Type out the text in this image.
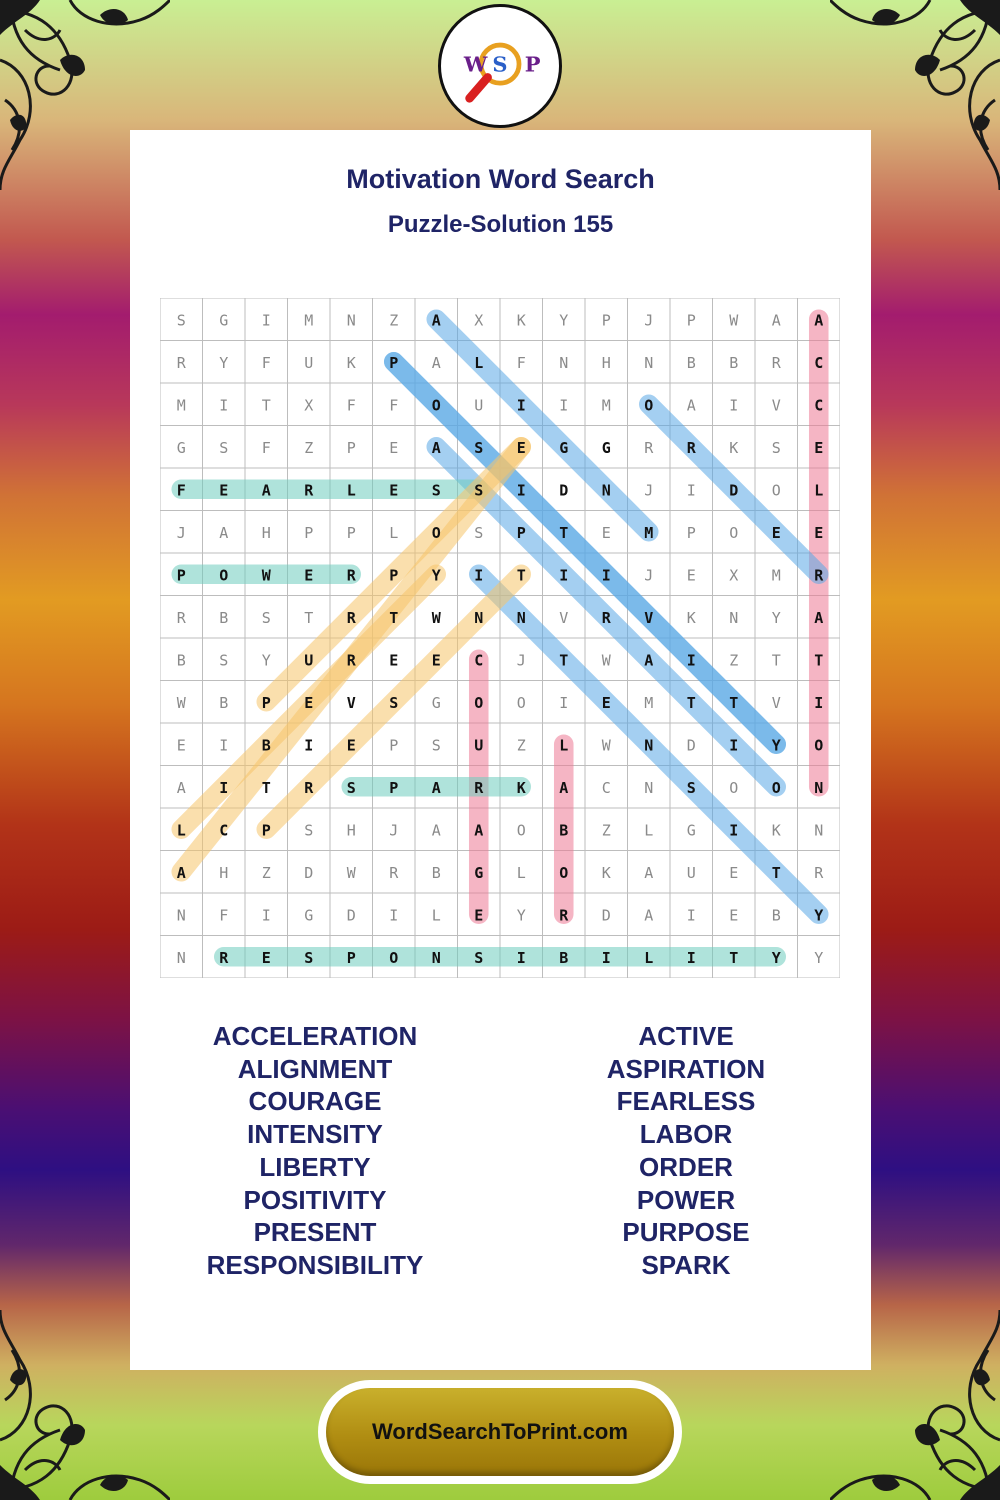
W S P
Motivation Word Search
Puzzle-Solution 155
S G I M N Z A X K Y P J P W A A
R Y F U K P A L F N H N B B R C
M I T X F F O U I I M O A I V C
G S F Z P E A S E G G R R K S E
F E A R L E S S I D N J I D O L
J A H P P L O S P T E M P O E E
P O W E R P Y I T I I J E X M R
R B S T R T W N N V R V K N Y A
B S Y U R E E C J T W A I Z T T
W B P E V S G O O I E M T T V I
E I B I E P S U Z L W N D I Y O
A I T R S P A R K A C N S O O N
L C P S H J A A O B Z L G I K N
A H Z D W R B G L O K A U E T R
N F I G D I L E Y R D A I E B Y
N R E S P O N S I B I L I T Y Y
ACCELERATION
ALIGNMENT
COURAGE
INTENSITY
LIBERTY
POSITIVITY
PRESENT
RESPONSIBILITY
ACTIVE
ASPIRATION
FEARLESS
LABOR
ORDER
POWER
PURPOSE
SPARK
WordSearchToPrint.com
